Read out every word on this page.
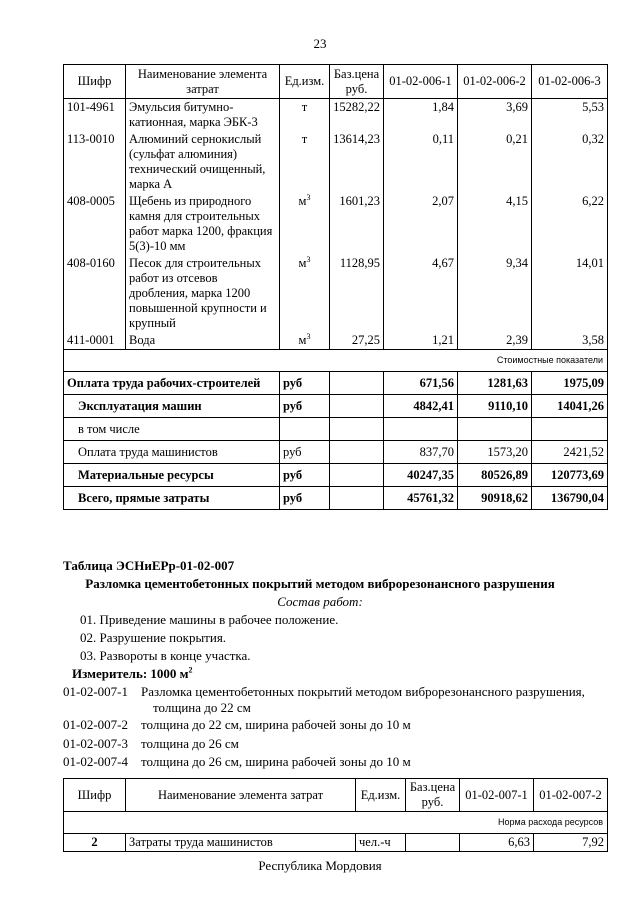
23
Шифр	Наименование элемента затрат	Ед.изм.	Баз.цена руб.	01-02-006-1	01-02-006-2	01-02-006-3
101-4961	Эмульсия битумно-катионная, марка ЭБК-3	т	15282,22	1,84	3,69	5,53
113-0010	Алюминий сернокислый (сульфат алюминия) технический очищенный, марка А	т	13614,23	0,11	0,21	0,32
408-0005	Щебень из природного камня для строительных работ марка 1200, фракция 5(3)-10 мм	$м^3$	1601,23	2,07	4,15	6,22
408-0160	Песок для строительных работ из отсевов дробления, марка 1200 повышенной крупности и крупный	$м^3$	1128,95	4,67	9,34	14,01
411-0001	Вода	$м^3$	27,25	1,21	2,39	3,58
Стоимостные показатели						
Оплата труда рабочих-строителей		руб		671,56	1281,63	1975,09
Эксплуатация машин		руб		4842,41	9110,10	14041,26
в том числе						
Оплата труда машинистов		руб		837,70	1573,20	2421,52
Материальные ресурсы		руб		40247,35	80526,89	120773,69
Всего, прямые затраты		руб		45761,32	90918,62	136790,04
Таблица ЭСНиЕРр-01-02-007
Разломка цементобетонных покрытий методом виброрезонансного разрушения
Состав работ:
01. Приведение машины в рабочее положение.
02. Разрушение покрытия.
03. Развороты в конце участка.
Измеритель: 1000 $м^2$
01-02-007-1 Разломка цементобетонных покрытий методом виброрезонансного разрушения,
толщина до 22 см
01-02-007-2 толщина до 22 см, ширина рабочей зоны до 10 м
01-02-007-3 толщина до 26 см
01-02-007-4 толщина до 26 см, ширина рабочей зоны до 10 м
Шифр	Наименование элемента затрат	Ед.изм.	Баз.цена руб.	01-02-007-1	01-02-007-2
Норма расхода ресурсов					
2	Затраты труда машинистов	чел.-ч		6,63	7,92
Республика Мордовия
